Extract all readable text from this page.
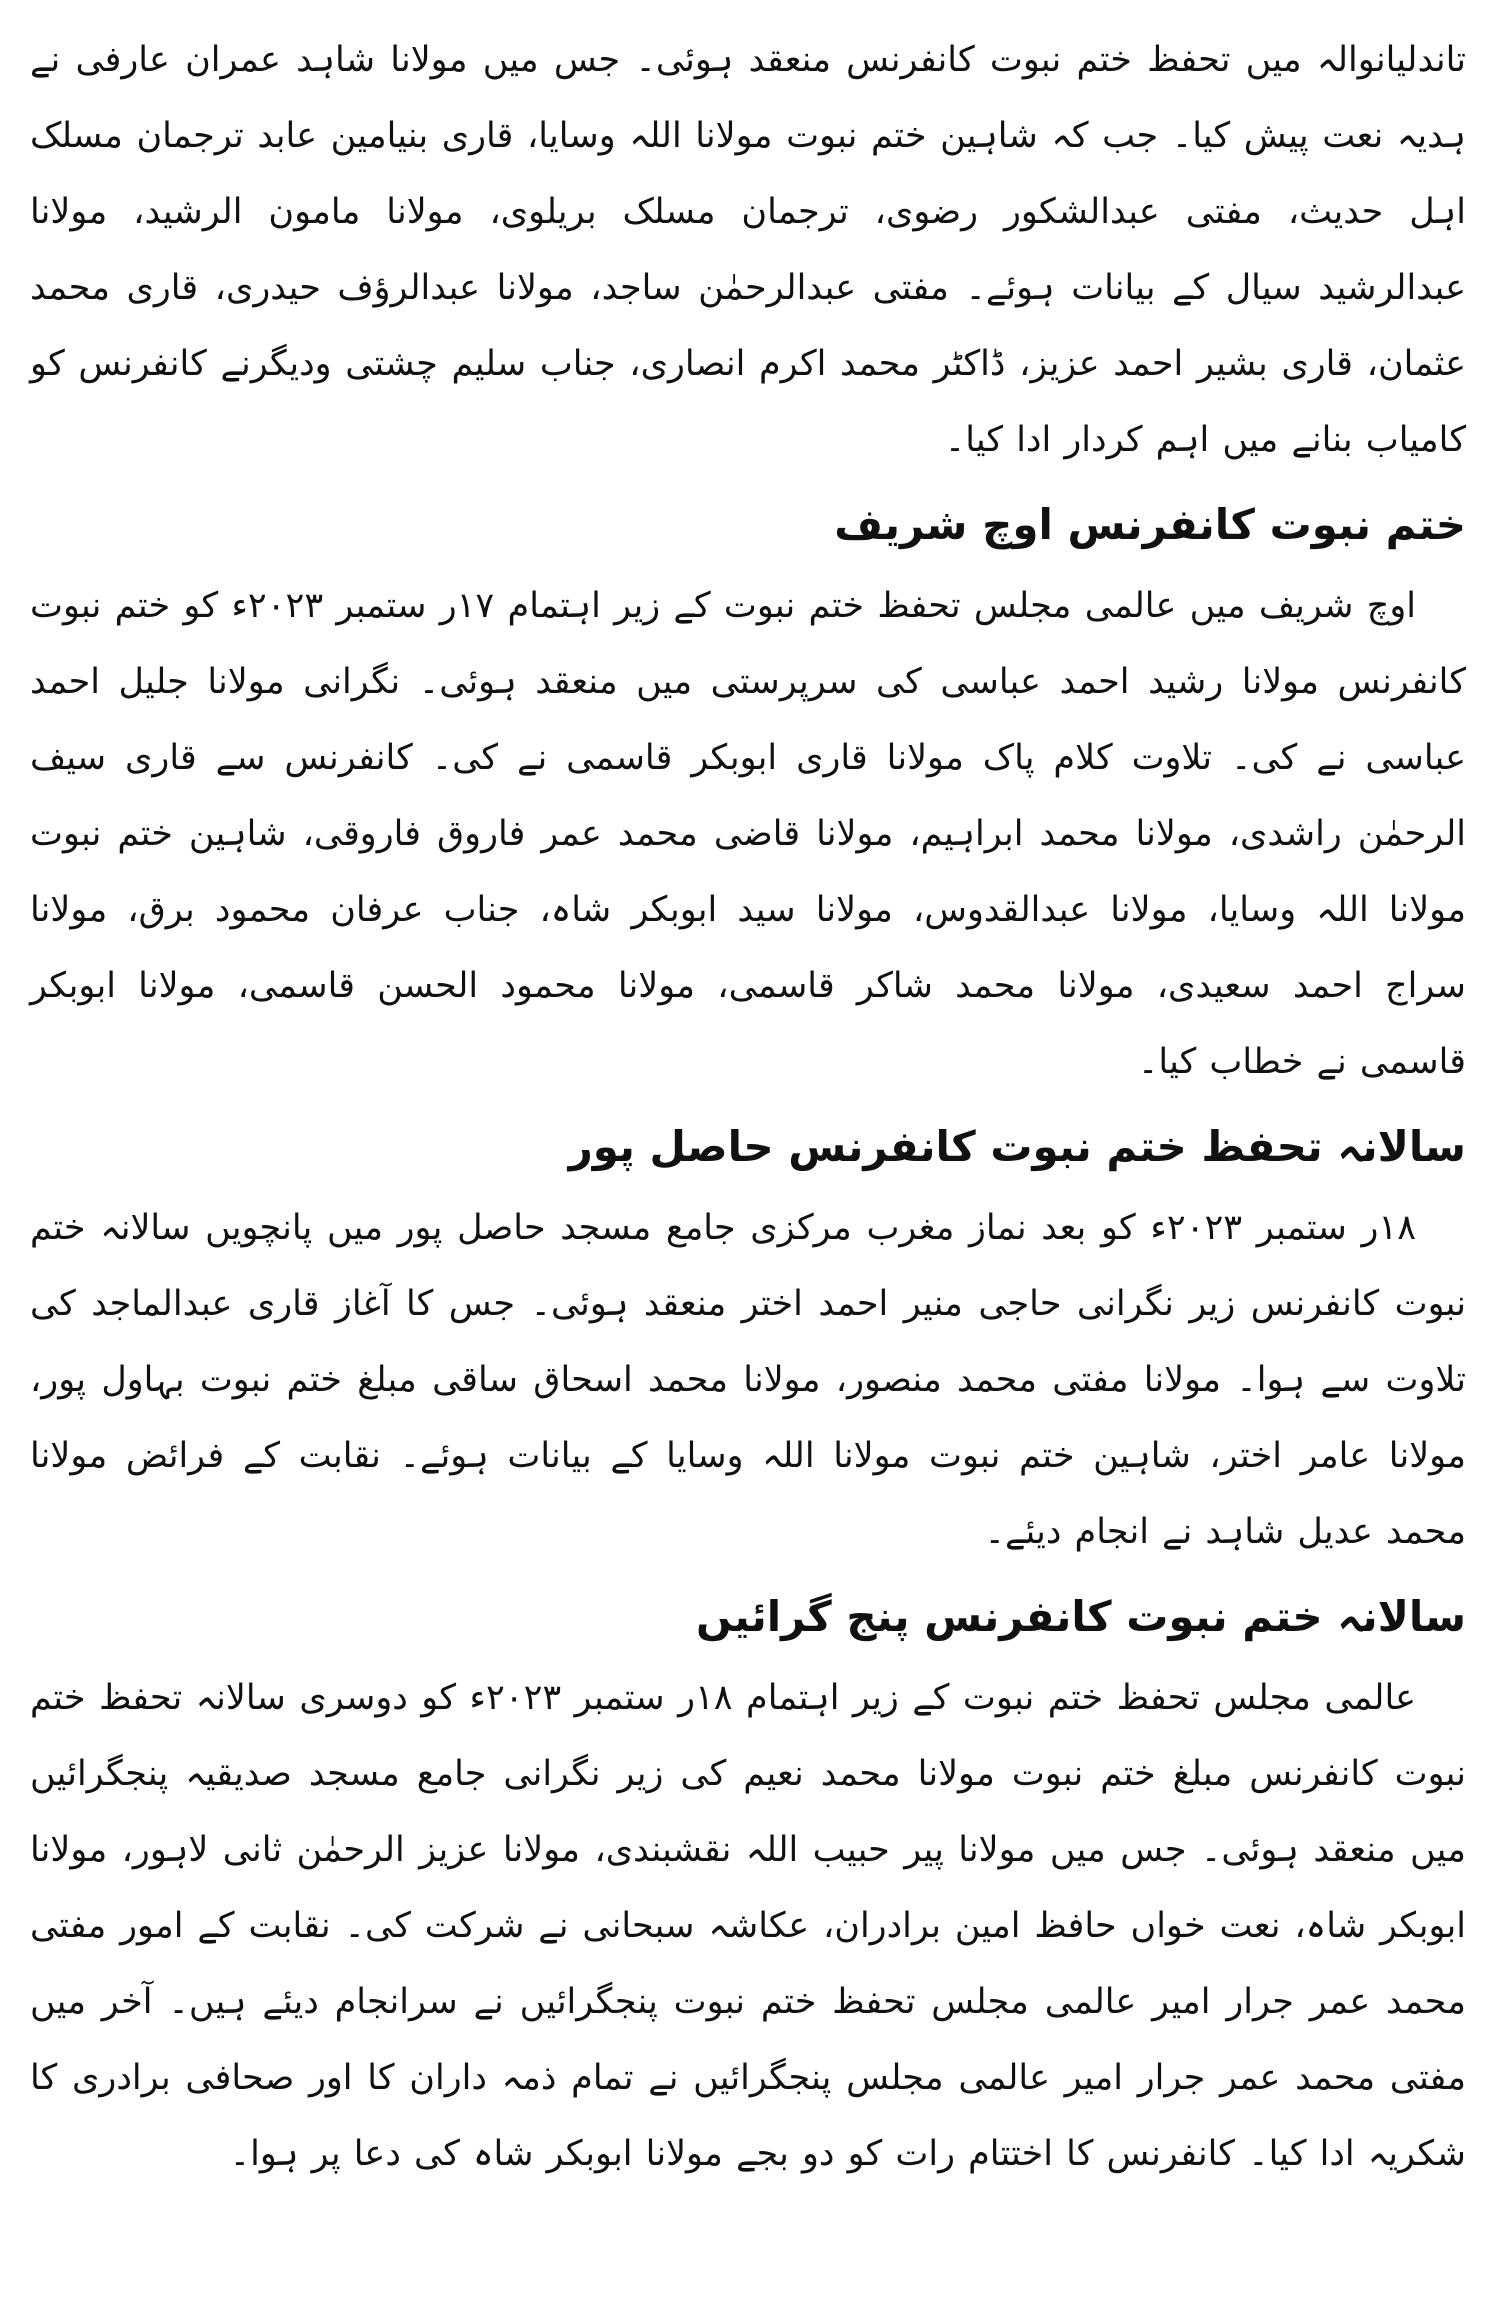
تاندلیانوالہ میں تحفظ ختم نبوت کانفرنس منعقد ہوئی۔ جس میں مولانا شاہد عمران عارفی نے ہدیہ نعت پیش کیا۔ جب کہ شاہین ختم نبوت مولانا اللہ وسایا، قاری بنیامین عابد ترجمان مسلک اہل حدیث، مفتی عبدالشکور رضوی، ترجمان مسلک بریلوی، مولانا مامون الرشید، مولانا عبدالرشید سیال کے بیانات ہوئے۔ مفتی عبدالرحمٰن ساجد، مولانا عبدالرؤف حیدری، قاری محمد عثمان، قاری بشیر احمد عزیز، ڈاکٹر محمد اکرم انصاری، جناب سلیم چشتی ودیگرنے کانفرنس کو کامیاب بنانے میں اہم کردار ادا کیا۔

ختم نبوت کانفرنس اوچ شریف

اوچ شریف میں عالمی مجلس تحفظ ختم نبوت کے زیر اہتمام ۱۷ر ستمبر ۲۰۲۳ء کو ختم نبوت کانفرنس مولانا رشید احمد عباسی کی سرپرستی میں منعقد ہوئی۔ نگرانی مولانا جلیل احمد عباسی نے کی۔ تلاوت کلام پاک مولانا قاری ابوبکر قاسمی نے کی۔ کانفرنس سے قاری سیف الرحمٰن راشدی، مولانا محمد ابراہیم، مولانا قاضی محمد عمر فاروق فاروقی، شاہین ختم نبوت مولانا اللہ وسایا، مولانا عبدالقدوس، مولانا سید ابوبکر شاہ، جناب عرفان محمود برق، مولانا سراج احمد سعیدی، مولانا محمد شاکر قاسمی، مولانا محمود الحسن قاسمی، مولانا ابوبکر قاسمی نے خطاب کیا۔

سالانہ تحفظ ختم نبوت کانفرنس حاصل پور

۱۸ر ستمبر ۲۰۲۳ء کو بعد نماز مغرب مرکزی جامع مسجد حاصل پور میں پانچویں سالانہ ختم نبوت کانفرنس زیر نگرانی حاجی منیر احمد اختر منعقد ہوئی۔ جس کا آغاز قاری عبدالماجد کی تلاوت سے ہوا۔ مولانا مفتی محمد منصور، مولانا محمد اسحاق ساقی مبلغ ختم نبوت بہاول پور، مولانا عامر اختر، شاہین ختم نبوت مولانا اللہ وسایا کے بیانات ہوئے۔ نقابت کے فرائض مولانا محمد عدیل شاہد نے انجام دیئے۔

سالانہ ختم نبوت کانفرنس پنج گرائیں

عالمی مجلس تحفظ ختم نبوت کے زیر اہتمام ۱۸ر ستمبر ۲۰۲۳ء کو دوسری سالانہ تحفظ ختم نبوت کانفرنس مبلغ ختم نبوت مولانا محمد نعیم کی زیر نگرانی جامع مسجد صدیقیہ پنجگرائیں میں منعقد ہوئی۔ جس میں مولانا پیر حبیب اللہ نقشبندی، مولانا عزیز الرحمٰن ثانی لاہور، مولانا ابوبکر شاہ، نعت خواں حافظ امین برادران، عکاشہ سبحانی نے شرکت کی۔ نقابت کے امور مفتی محمد عمر جرار امیر عالمی مجلس تحفظ ختم نبوت پنجگرائیں نے سرانجام دیئے ہیں۔ آخر میں مفتی محمد عمر جرار امیر عالمی مجلس پنجگرائیں نے تمام ذمہ داران کا اور صحافی برادری کا شکریہ ادا کیا۔ کانفرنس کا اختتام رات کو دو بجے مولانا ابوبکر شاہ کی دعا پر ہوا۔
